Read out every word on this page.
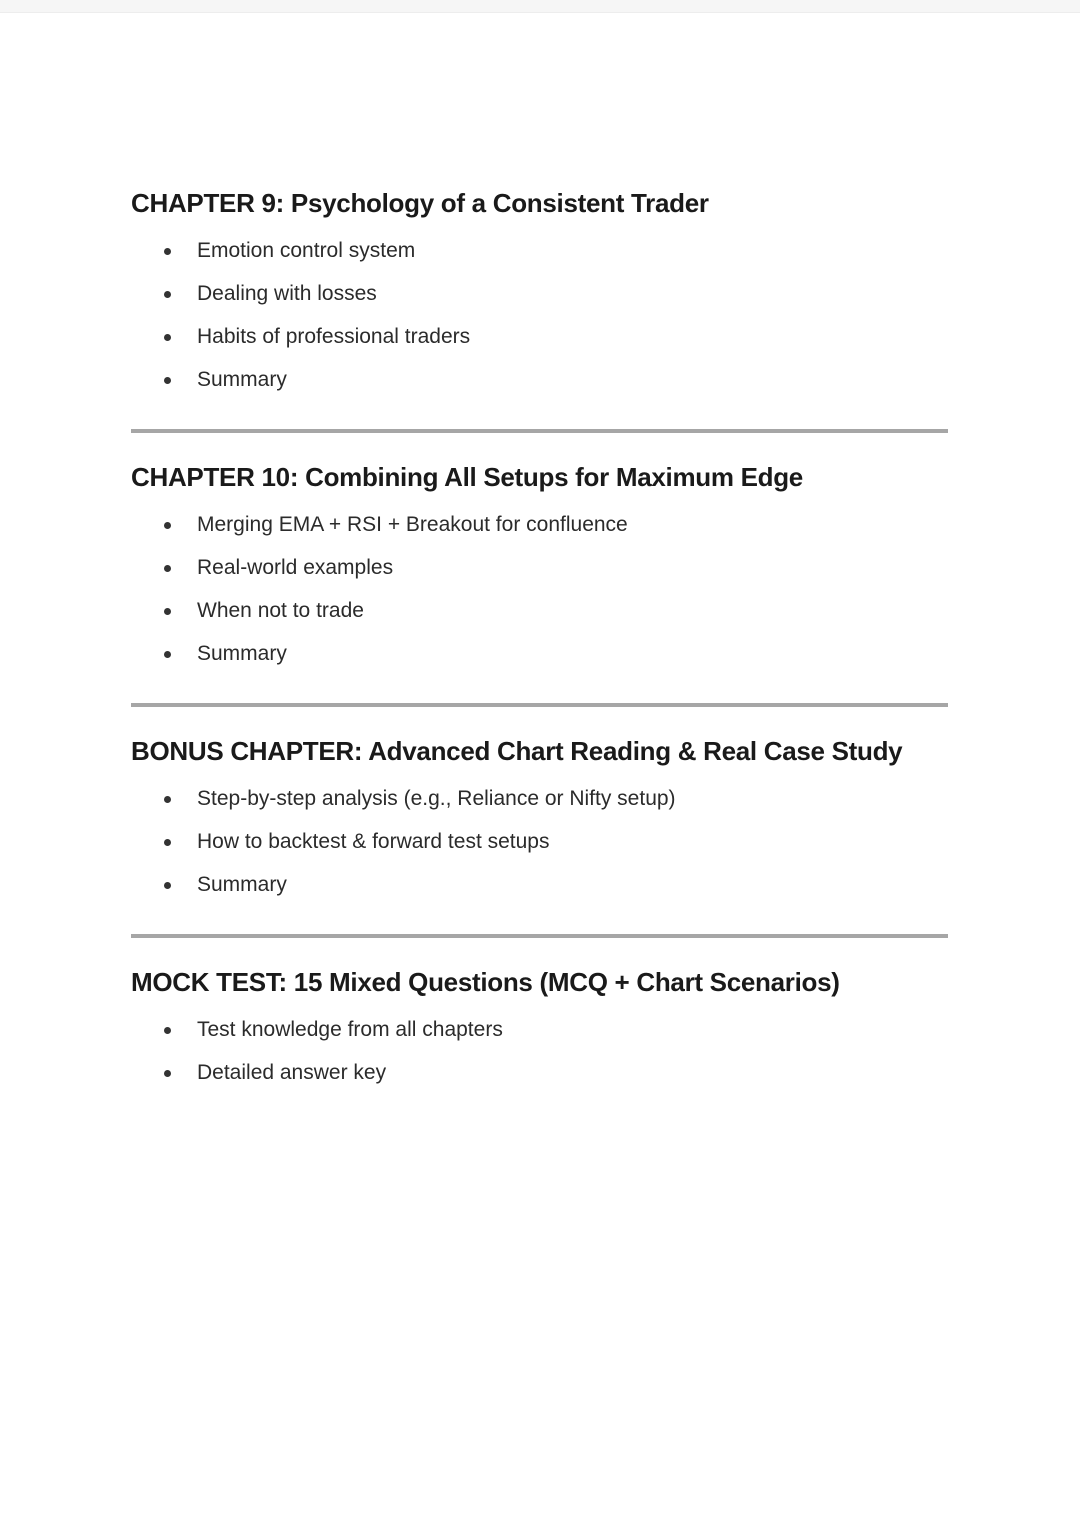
CHAPTER 9: Psychology of a Consistent Trader
Emotion control system
Dealing with losses
Habits of professional traders
Summary
CHAPTER 10: Combining All Setups for Maximum Edge
Merging EMA + RSI + Breakout for confluence
Real-world examples
When not to trade
Summary
BONUS CHAPTER: Advanced Chart Reading & Real Case Study
Step-by-step analysis (e.g., Reliance or Nifty setup)
How to backtest & forward test setups
Summary
MOCK TEST: 15 Mixed Questions (MCQ + Chart Scenarios)
Test knowledge from all chapters
Detailed answer key
